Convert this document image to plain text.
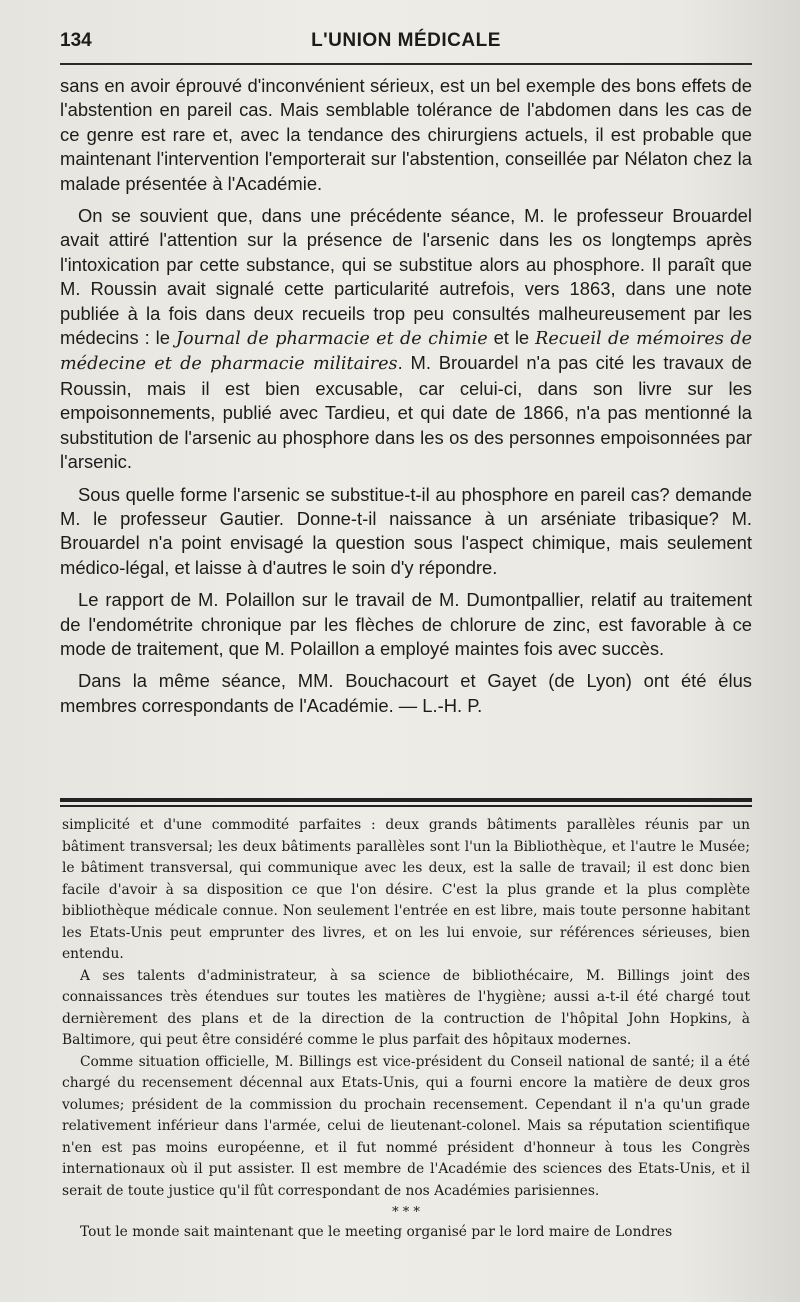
134	L'UNION MÉDICALE

sans en avoir éprouvé d'inconvénient sérieux, est un bel exemple des bons effets de l'abstention en pareil cas. Mais semblable tolérance de l'abdomen dans les cas de ce genre est rare et, avec la tendance des chirurgiens actuels, il est probable que maintenant l'intervention l'emporterait sur l'abstention, conseillée par Nélaton chez la malade présentée à l'Académie.

On se souvient que, dans une précédente séance, M. le professeur Brouardel avait attiré l'attention sur la présence de l'arsenic dans les os longtemps après l'intoxication par cette substance, qui se substitue alors au phosphore. Il paraît que M. Roussin avait signalé cette particularité autrefois, vers 1863, dans une note publiée à la fois dans deux recueils trop peu consultés malheureusement par les médecins : le Journal de pharmacie et de chimie et le Recueil de mémoires de médecine et de pharmacie militaires. M. Brouardel n'a pas cité les travaux de Roussin, mais il est bien excusable, car celui-ci, dans son livre sur les empoisonnements, publié avec Tardieu, et qui date de 1866, n'a pas mentionné la substitution de l'arsenic au phosphore dans les os des personnes empoisonnées par l'arsenic.

Sous quelle forme l'arsenic se substitue-t-il au phosphore en pareil cas? demande M. le professeur Gautier. Donne-t-il naissance à un arséniate tribasique? M. Brouardel n'a point envisagé la question sous l'aspect chimique, mais seulement médico-légal, et laisse à d'autres le soin d'y répondre.

Le rapport de M. Polaillon sur le travail de M. Dumontpallier, relatif au traitement de l'endométrite chronique par les flèches de chlorure de zinc, est favorable à ce mode de traitement, que M. Polaillon a employé maintes fois avec succès.

Dans la même séance, MM. Bouchacourt et Gayet (de Lyon) ont été élus membres correspondants de l'Académie. — L.-H. P.

simplicité et d'une commodité parfaites : deux grands bâtiments parallèles réunis par un bâtiment transversal; les deux bâtiments parallèles sont l'un la Bibliothèque, et l'autre le Musée; le bâtiment transversal, qui communique avec les deux, est la salle de travail; il est donc bien facile d'avoir à sa disposition ce que l'on désire. C'est la plus grande et la plus complète bibliothèque médicale connue. Non seulement l'entrée en est libre, mais toute personne habitant les Etats-Unis peut emprunter des livres, et on les lui envoie, sur références sérieuses, bien entendu.

A ses talents d'administrateur, à sa science de bibliothécaire, M. Billings joint des connaissances très étendues sur toutes les matières de l'hygiène; aussi a-t-il été chargé tout dernièrement des plans et de la direction de la contruction de l'hôpital John Hopkins, à Baltimore, qui peut être considéré comme le plus parfait des hôpitaux modernes.

Comme situation officielle, M. Billings est vice-président du Conseil national de santé; il a été chargé du recensement décennal aux Etats-Unis, qui a fourni encore la matière de deux gros volumes; président de la commission du prochain recensement. Cependant il n'a qu'un grade relativement inférieur dans l'armée, celui de lieutenant-colonel. Mais sa réputation scientifique n'en est pas moins européenne, et il fut nommé président d'honneur à tous les Congrès internationaux où il put assister. Il est membre de l'Académie des sciences des Etats-Unis, et il serait de toute justice qu'il fût correspondant de nos Académies parisiennes.

* * *

Tout le monde sait maintenant que le meeting organisé par le lord maire de Londres
